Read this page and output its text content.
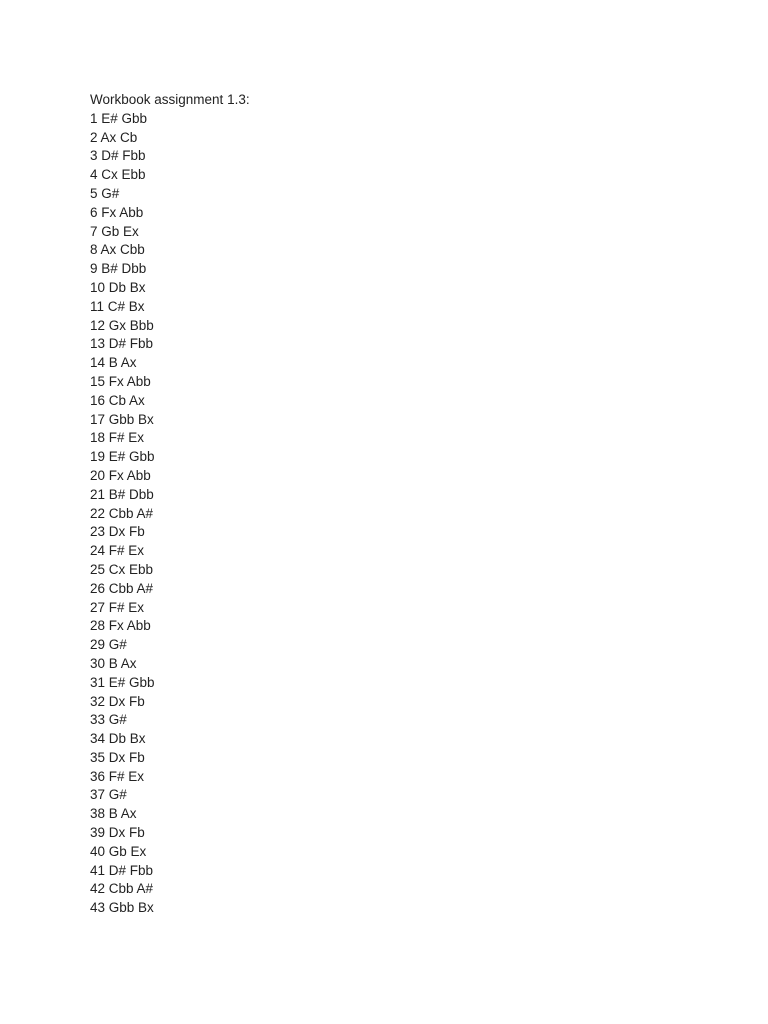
Workbook assignment 1.3:

1 E# Gbb
2 Ax Cb
3 D# Fbb
4 Cx Ebb
5 G#
6 Fx Abb
7 Gb Ex
8 Ax Cbb
9 B# Dbb
10 Db Bx
11 C# Bx
12 Gx Bbb
13 D# Fbb
14 B Ax
15 Fx Abb
16 Cb Ax
17 Gbb Bx
18 F# Ex
19 E# Gbb
20 Fx Abb
21 B# Dbb
22 Cbb A#
23 Dx Fb
24 F# Ex
25 Cx Ebb
26 Cbb A#
27 F# Ex
28 Fx Abb
29 G#
30 B Ax
31 E# Gbb
32 Dx Fb
33 G#
34 Db Bx
35 Dx Fb
36 F# Ex
37 G#
38 B Ax
39 Dx Fb
40 Gb Ex
41 D# Fbb
42 Cbb A#
43 Gbb Bx
